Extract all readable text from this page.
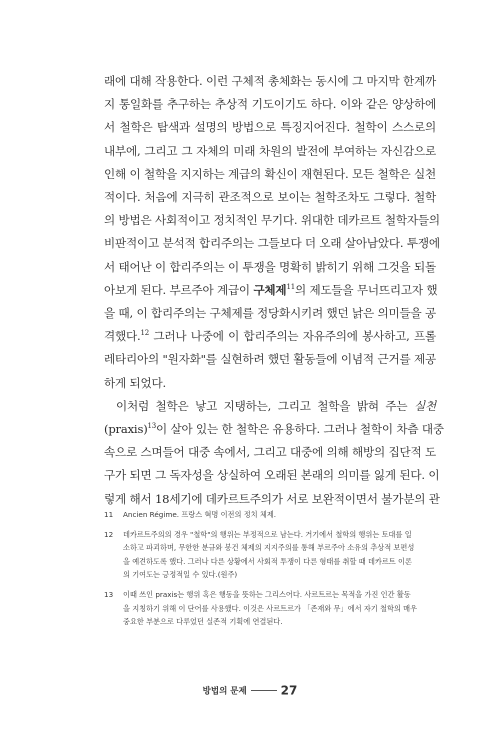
래에 대해 작용한다. 이런 구체적 총체화는 동시에 그 마지막 한계까
지 통일화를 추구하는 추상적 기도이기도 하다. 이와 같은 양상하에
서 철학은 탐색과 설명의 방법으로 특징지어진다. 철학이 스스로의
내부에, 그리고 그 자체의 미래 차원의 발전에 부여하는 자신감으로
인해 이 철학을 지지하는 계급의 확신이 재현된다. 모든 철학은 실천
적이다. 처음에 지극히 관조적으로 보이는 철학조차도 그렇다. 철학
의 방법은 사회적이고 정치적인 무기다. 위대한 데카르트 철학자들의
비판적이고 분석적 합리주의는 그들보다 더 오래 살아남았다. 투쟁에
서 태어난 이 합리주의는 이 투쟁을 명확히 밝히기 위해 그것을 되돌
아보게 된다. 부르주아 계급이 구체제$^{11}$의 제도들을 무너뜨리고자 했
을 때, 이 합리주의는 구체제를 정당화시키려 했던 낡은 의미들을 공
격했다.$^{12}$ 그러나 나중에 이 합리주의는 자유주의에 봉사하고, 프롤
레타리아의 "원자화"를 실현하려 했던 활동들에 이념적 근거를 제공
하게 되었다.
이처럼 철학은 낳고 지탱하는, 그리고 철학을 밝혀 주는 실천
(praxis)$^{13}$이 살아 있는 한 철학은 유용하다. 그러나 철학이 차츰 대중
속으로 스며들어 대중 속에서, 그리고 대중에 의해 해방의 집단적 도
구가 되면 그 독자성을 상실하여 오래된 본래의 의미를 잃게 된다. 이
렇게 해서 18세기에 데카르트주의가 서로 보완적이면서 불가분의 관
11	Ancien Régime. 프랑스 혁명 이전의 정치 체제.
12	데카르트주의의 경우 "철학"의 행위는 부정적으로 남는다. 거기에서 철학의 행위는 토대를 일
소하고 파괴하며, 무한한 분규와 봉건 체제의 지지주의를 통해 부르주아 소유의 추상적 보편성
을 예견하도록 했다. 그러나 다른 상황에서 사회적 투쟁이 다른 형태를 취할 때 데카르트 이론
의 기여도는 긍정적일 수 있다.(원주)
13	이때 쓰인 praxis는 행위 혹은 행동을 뜻하는 그리스어다. 사르트르는 목적을 가진 인간 활동
을 지칭하기 위해 이 단어를 사용했다. 이것은 사르트르가 「존재와 무」에서 자기 철학의 매우
중요한 부분으로 다루었던 실존적 기획에 연결된다.
방법의 문제	27
